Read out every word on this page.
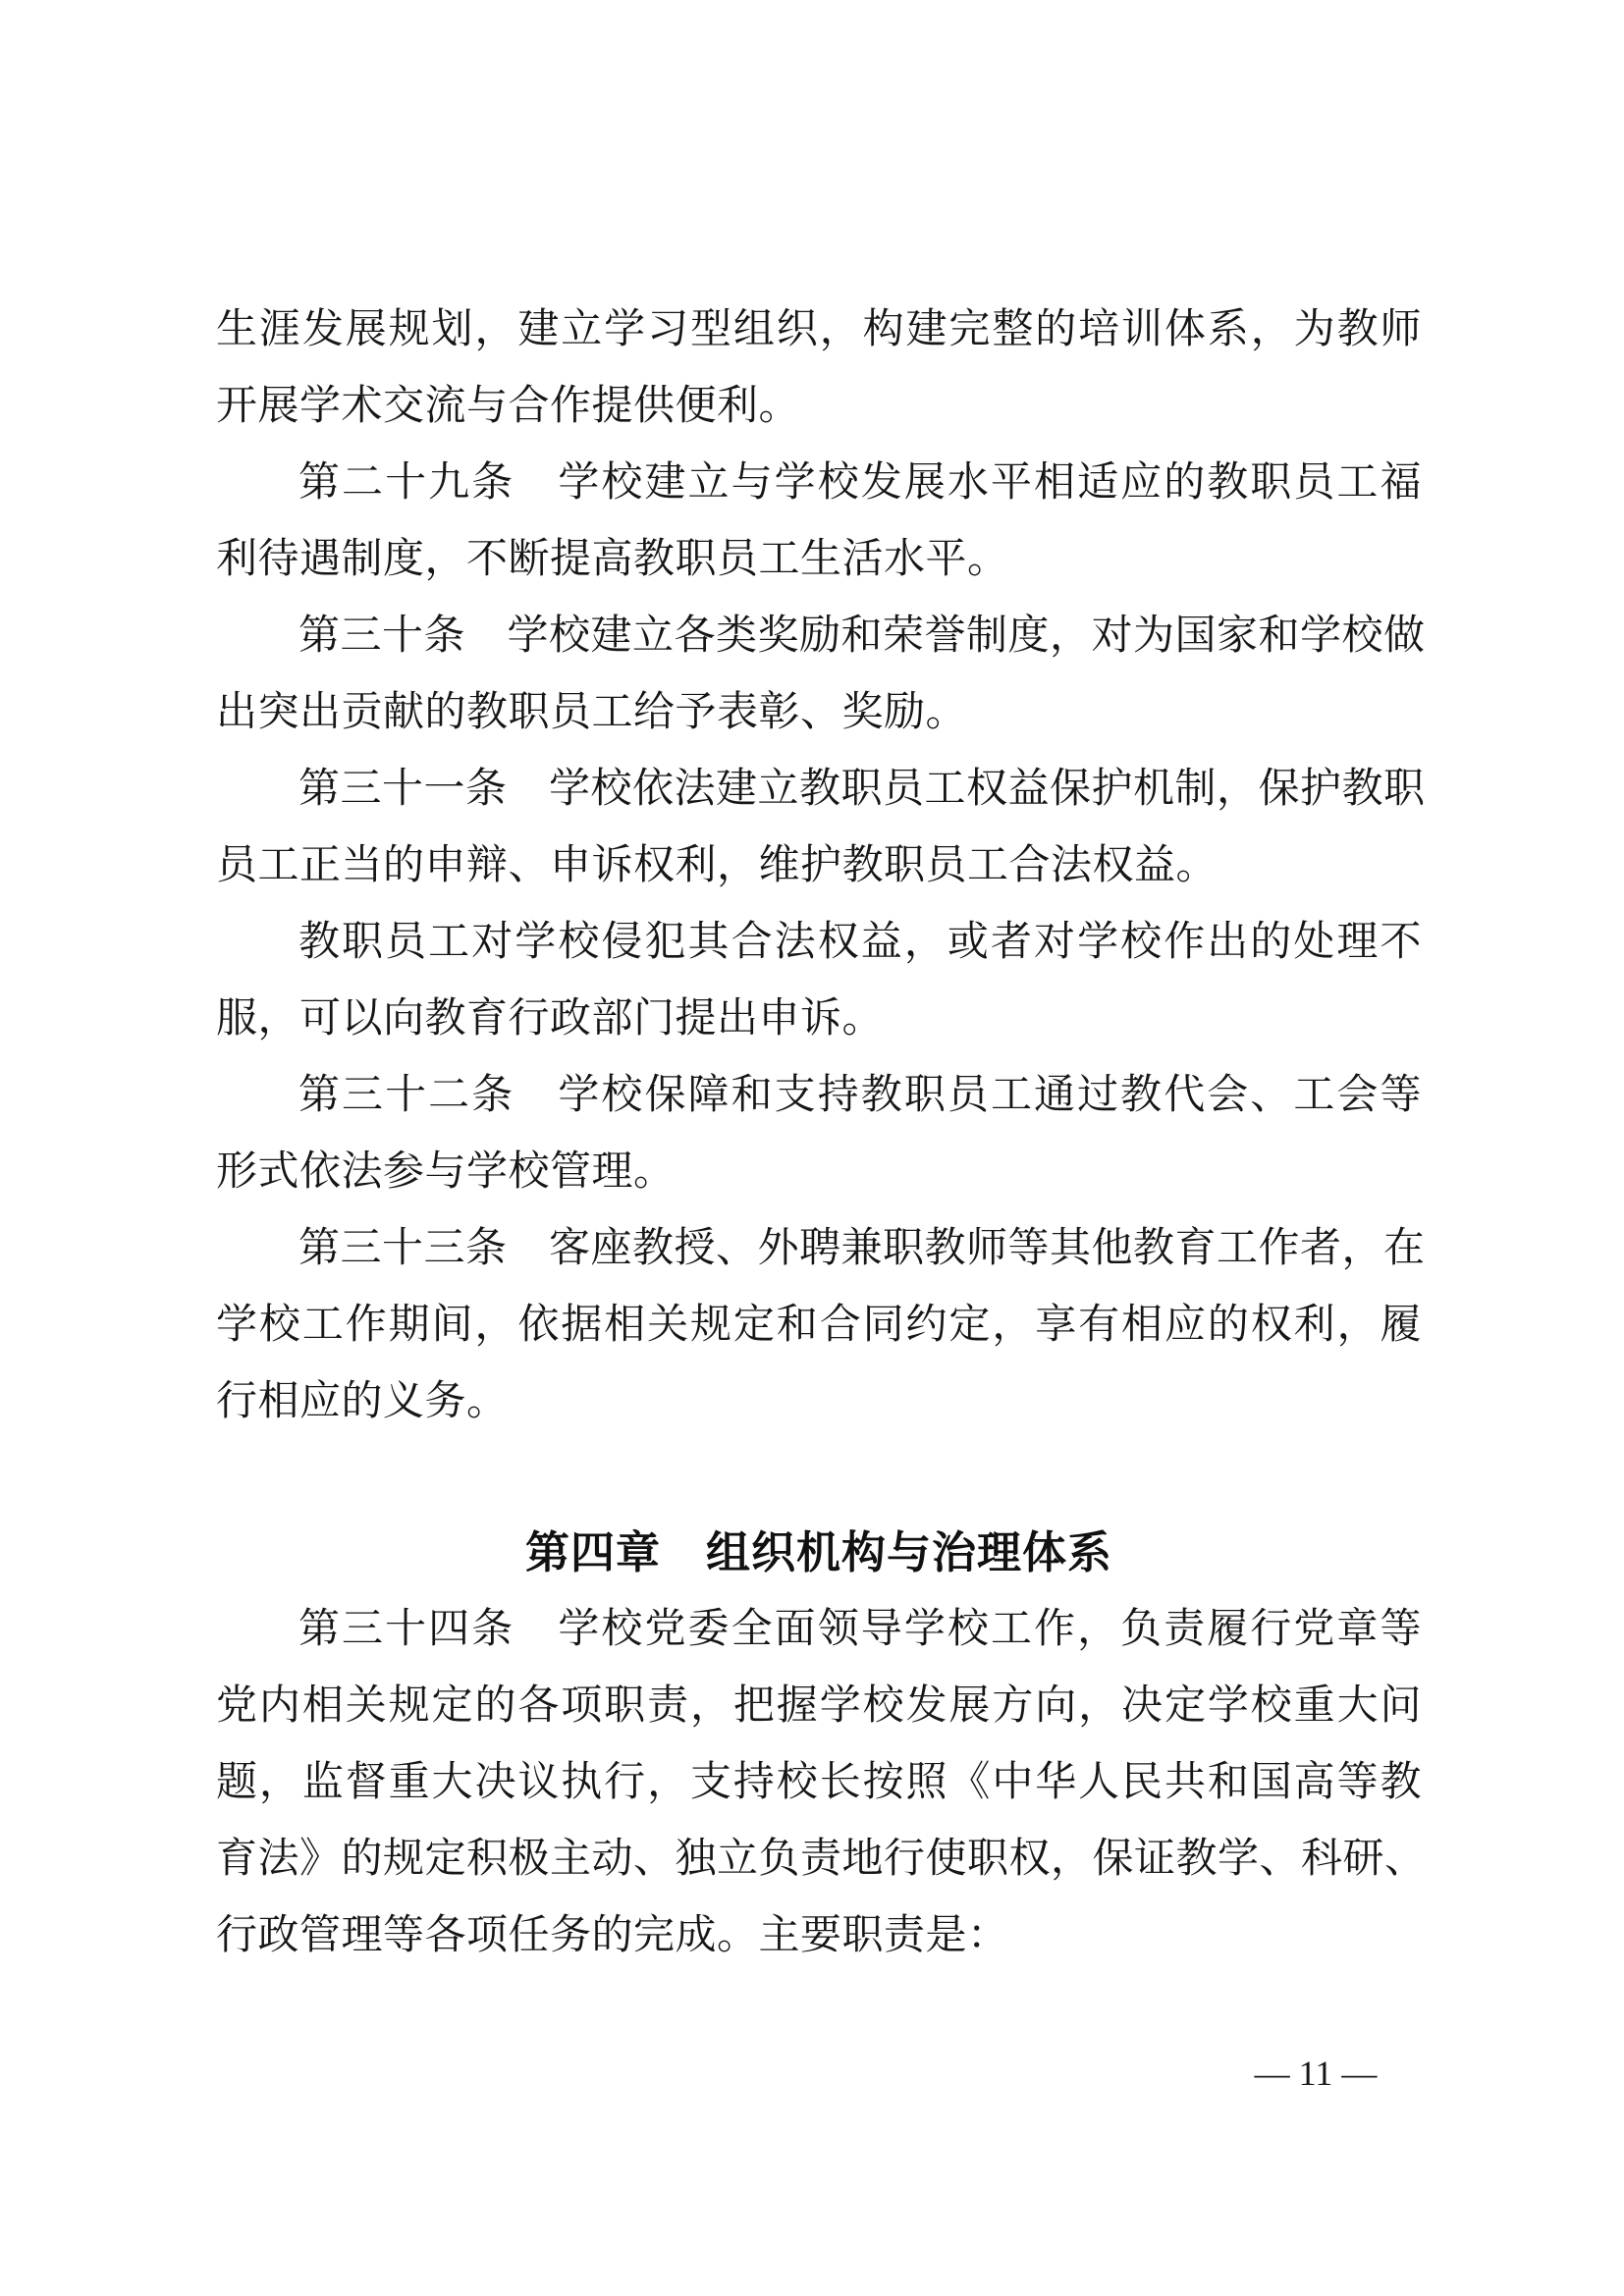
生涯发展规划，建立学习型组织，构建完整的培训体系，为教师
开展学术交流与合作提供便利。
第二十九条　学校建立与学校发展水平相适应的教职员工福
利待遇制度，不断提高教职员工生活水平。
第三十条　学校建立各类奖励和荣誉制度，对为国家和学校做
出突出贡献的教职员工给予表彰、奖励。
第三十一条　学校依法建立教职员工权益保护机制，保护教职
员工正当的申辩、申诉权利，维护教职员工合法权益。
教职员工对学校侵犯其合法权益，或者对学校作出的处理不
服，可以向教育行政部门提出申诉。
第三十二条　学校保障和支持教职员工通过教代会、工会等
形式依法参与学校管理。
第三十三条　客座教授、外聘兼职教师等其他教育工作者，在
学校工作期间，依据相关规定和合同约定，享有相应的权利，履
行相应的义务。
第四章　组织机构与治理体系
第三十四条　学校党委全面领导学校工作，负责履行党章等
党内相关规定的各项职责，把握学校发展方向，决定学校重大问
题，监督重大决议执行，支持校长按照《中华人民共和国高等教
育法》的规定积极主动、独立负责地行使职权，保证教学、科研、
行政管理等各项任务的完成。主要职责是：
— 11 —
